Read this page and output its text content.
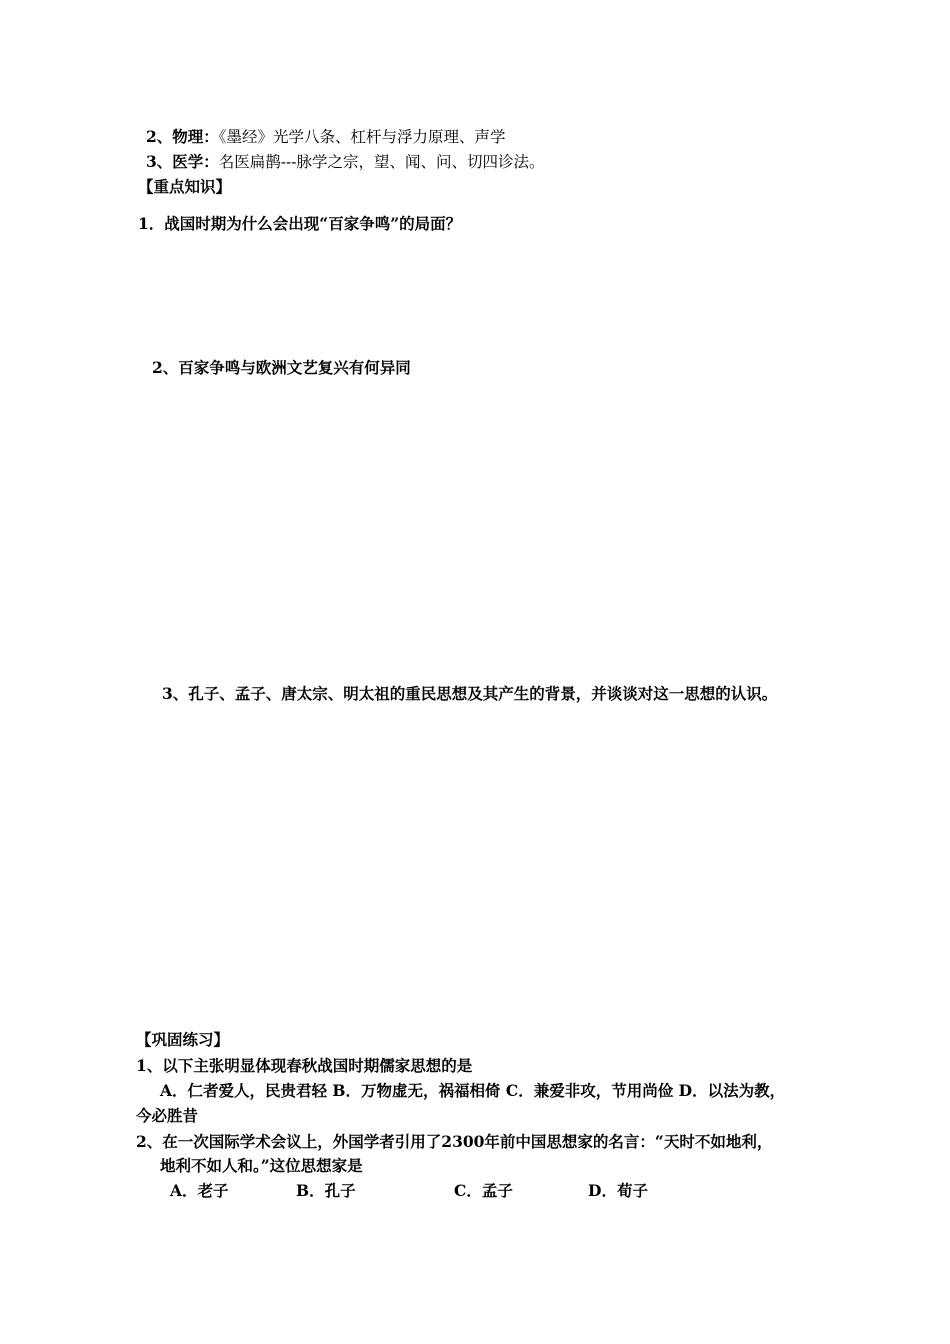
2、物理：《墨经》光学八条、杠杆与浮力原理、声学
3、医学：名医扁鹊---脉学之宗，望、闻、问、切四诊法。
【重点知识】
1．战国时期为什么会出现“百家争鸣”的局面？
2、百家争鸣与欧洲文艺复兴有何异同
3、孔子、孟子、唐太宗、明太祖的重民思想及其产生的背景，并谈谈对这一思想的认识。
【巩固练习】
1、以下主张明显体现春秋战国时期儒家思想的是
A．仁者爱人，民贵君轻 B．万物虚无，祸福相倚 C．兼爱非攻，节用尚俭 D．以法为教，
今必胜昔
2、在一次国际学术会议上，外国学者引用了2300年前中国思想家的名言：“天时不如地利，
地利不如人和。”这位思想家是
A．老子	B．孔子	C．孟子	D．荀子
